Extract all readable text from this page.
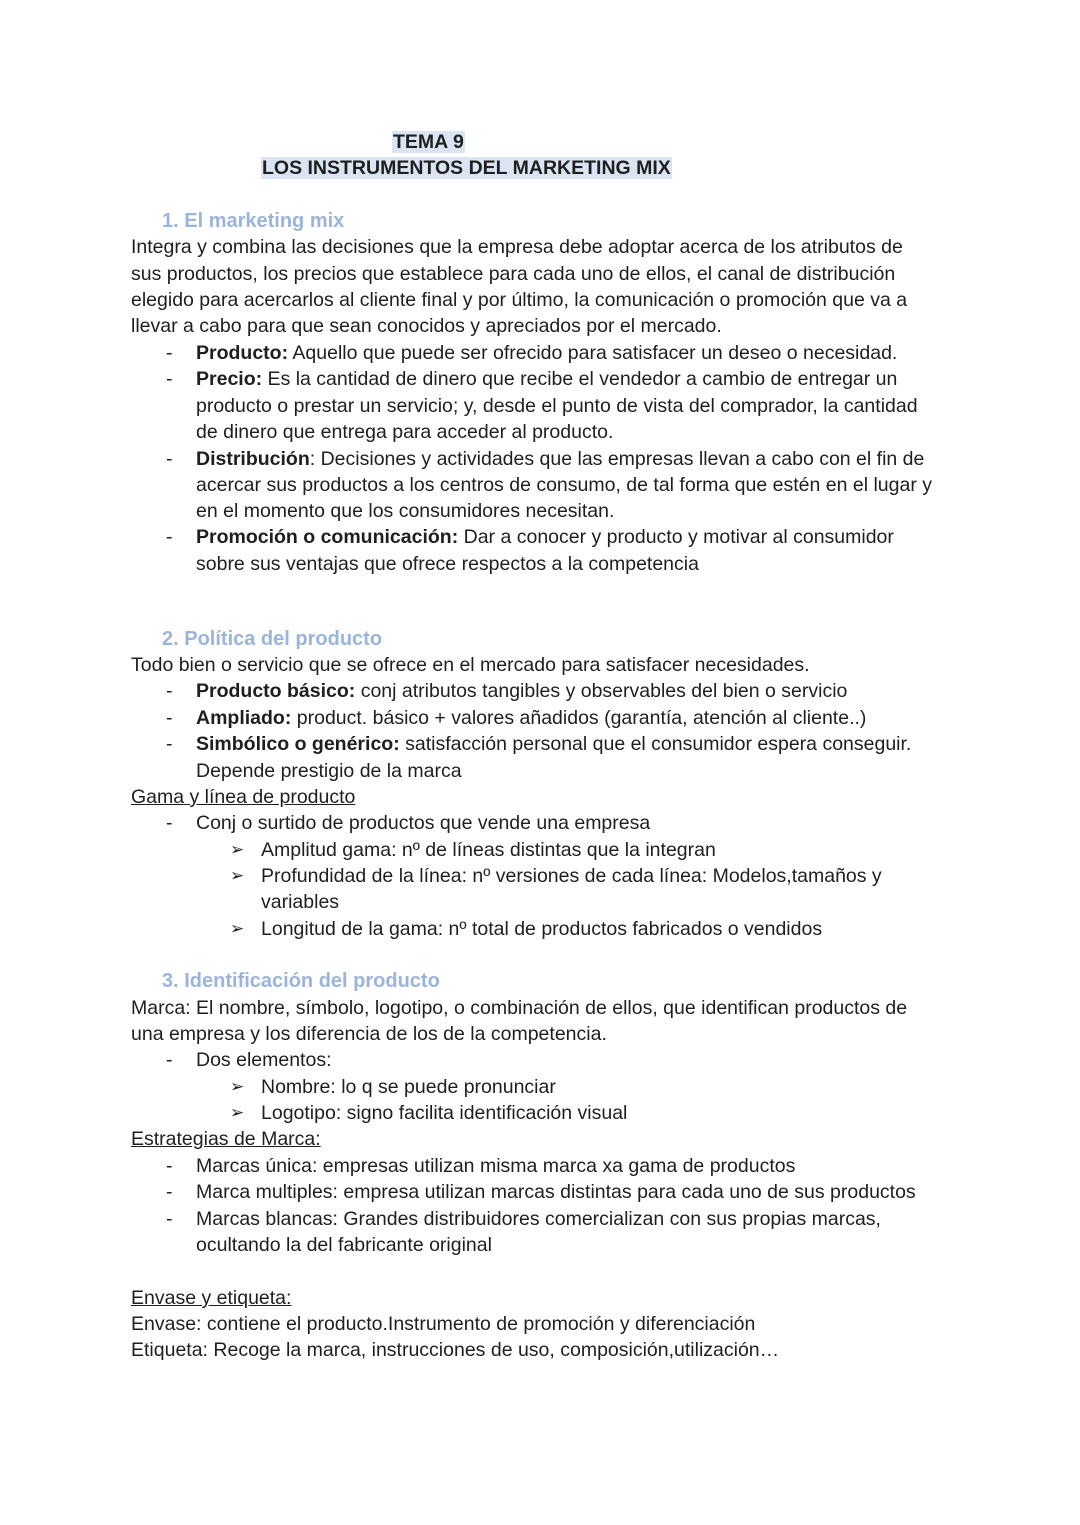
TEMA 9
LOS INSTRUMENTOS DEL MARKETING MIX
1. El marketing mix
Integra y combina las decisiones que la empresa debe adoptar acerca de los atributos de
sus productos, los precios que establece para cada uno de ellos, el canal de distribución
elegido para acercarlos al cliente final y por último, la comunicación o promoción que va a
llevar a cabo para que sean conocidos y apreciados por el mercado.
- Producto: Aquello que puede ser ofrecido para satisfacer un deseo o necesidad.
- Precio: Es la cantidad de dinero que recibe el vendedor a cambio de entregar un
producto o prestar un servicio; y, desde el punto de vista del comprador, la cantidad
de dinero que entrega para acceder al producto.
- Distribución: Decisiones y actividades que las empresas llevan a cabo con el fin de
acercar sus productos a los centros de consumo, de tal forma que estén en el lugar y
en el momento que los consumidores necesitan.
- Promoción o comunicación: Dar a conocer y producto y motivar al consumidor
sobre sus ventajas que ofrece respectos a la competencia
2. Política del producto
Todo bien o servicio que se ofrece en el mercado para satisfacer necesidades.
- Producto básico: conj atributos tangibles y observables del bien o servicio
- Ampliado: product. básico + valores añadidos (garantía, atención al cliente..)
- Simbólico o genérico: satisfacción personal que el consumidor espera conseguir.
Depende prestigio de la marca
Gama y línea de producto
- Conj o surtido de productos que vende una empresa
➢ Amplitud gama: nº de líneas distintas que la integran
➢ Profundidad de la línea: nº versiones de cada línea: Modelos,tamaños y
variables
➢ Longitud de la gama: nº total de productos fabricados o vendidos
3. Identificación del producto
Marca: El nombre, símbolo, logotipo, o combinación de ellos, que identifican productos de
una empresa y los diferencia de los de la competencia.
- Dos elementos:
➢ Nombre: lo q se puede pronunciar
➢ Logotipo: signo facilita identificación visual
Estrategias de Marca:
- Marcas única: empresas utilizan misma marca xa gama de productos
- Marca multiples: empresa utilizan marcas distintas para cada uno de sus productos
- Marcas blancas: Grandes distribuidores comercializan con sus propias marcas,
ocultando la del fabricante original
Envase y etiqueta:
Envase: contiene el producto.Instrumento de promoción y diferenciación
Etiqueta: Recoge la marca, instrucciones de uso, composición,utilización…
